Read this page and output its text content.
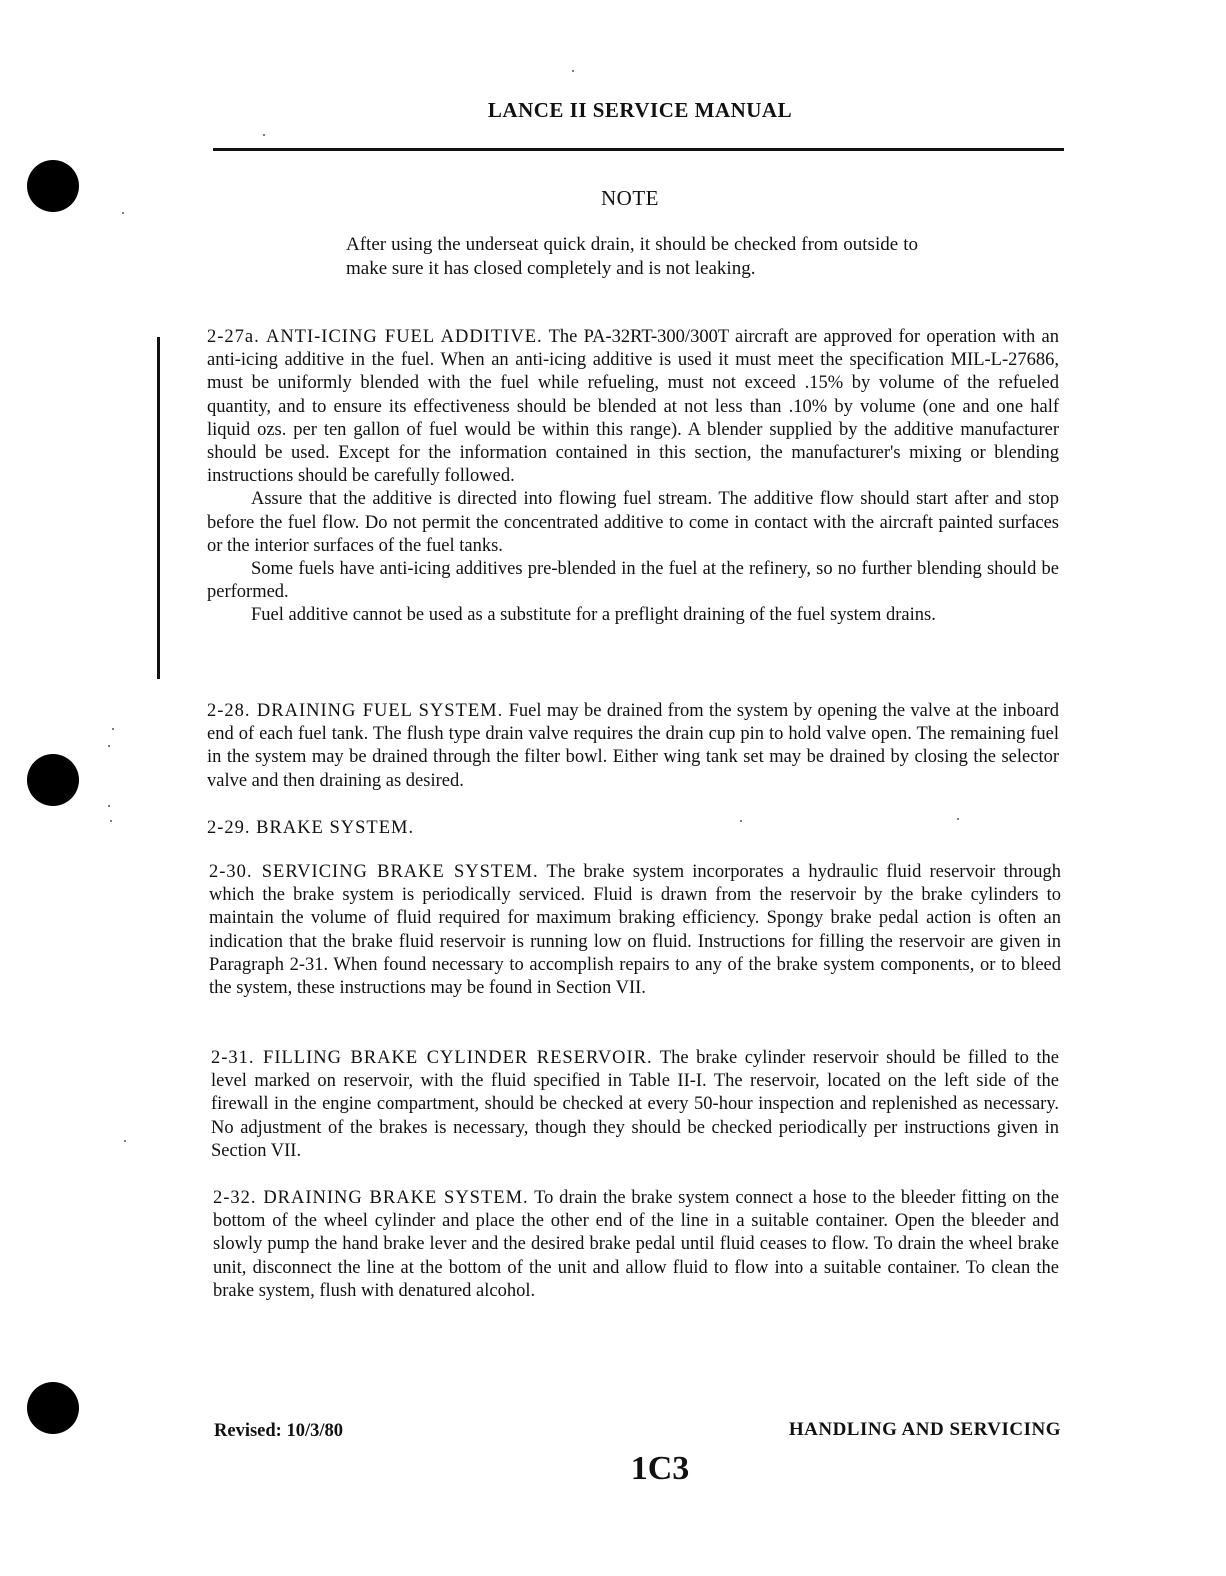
LANCE II SERVICE MANUAL
NOTE
After using the underseat quick drain, it should be checked from outside to make sure it has closed completely and is not leaking.

2-27a. ANTI-ICING FUEL ADDITIVE. The PA-32RT-300/300T aircraft are approved for operation with an anti-icing additive in the fuel. When an anti-icing additive is used it must meet the specification MIL-L-27686, must be uniformly blended with the fuel while refueling, must not exceed .15% by volume of the refueled quantity, and to ensure its effectiveness should be blended at not less than .10% by volume (one and one half liquid ozs. per ten gallon of fuel would be within this range). A blender supplied by the additive manufacturer should be used. Except for the information contained in this section, the manufacturer's mixing or blending instructions should be carefully followed.

Assure that the additive is directed into flowing fuel stream. The additive flow should start after and stop before the fuel flow. Do not permit the concentrated additive to come in contact with the aircraft painted surfaces or the interior surfaces of the fuel tanks.

Some fuels have anti-icing additives pre-blended in the fuel at the refinery, so no further blending should be performed.

Fuel additive cannot be used as a substitute for a preflight draining of the fuel system drains.

2-28. DRAINING FUEL SYSTEM. Fuel may be drained from the system by opening the valve at the inboard end of each fuel tank. The flush type drain valve requires the drain cup pin to hold valve open. The remaining fuel in the system may be drained through the filter bowl. Either wing tank set may be drained by closing the selector valve and then draining as desired.

2-29. BRAKE SYSTEM.

2-30. SERVICING BRAKE SYSTEM. The brake system incorporates a hydraulic fluid reservoir through which the brake system is periodically serviced. Fluid is drawn from the reservoir by the brake cylinders to maintain the volume of fluid required for maximum braking efficiency. Spongy brake pedal action is often an indication that the brake fluid reservoir is running low on fluid. Instructions for filling the reservoir are given in Paragraph 2-31. When found necessary to accomplish repairs to any of the brake system components, or to bleed the system, these instructions may be found in Section VII.

2-31. FILLING BRAKE CYLINDER RESERVOIR. The brake cylinder reservoir should be filled to the level marked on reservoir, with the fluid specified in Table II-I. The reservoir, located on the left side of the firewall in the engine compartment, should be checked at every 50-hour inspection and replenished as necessary. No adjustment of the brakes is necessary, though they should be checked periodically per instructions given in Section VII.

2-32. DRAINING BRAKE SYSTEM. To drain the brake system connect a hose to the bleeder fitting on the bottom of the wheel cylinder and place the other end of the line in a suitable container. Open the bleeder and slowly pump the hand brake lever and the desired brake pedal until fluid ceases to flow. To drain the wheel brake unit, disconnect the line at the bottom of the unit and allow fluid to flow into a suitable container. To clean the brake system, flush with denatured alcohol.

Revised: 10/3/80	HANDLING AND SERVICING
1C3
